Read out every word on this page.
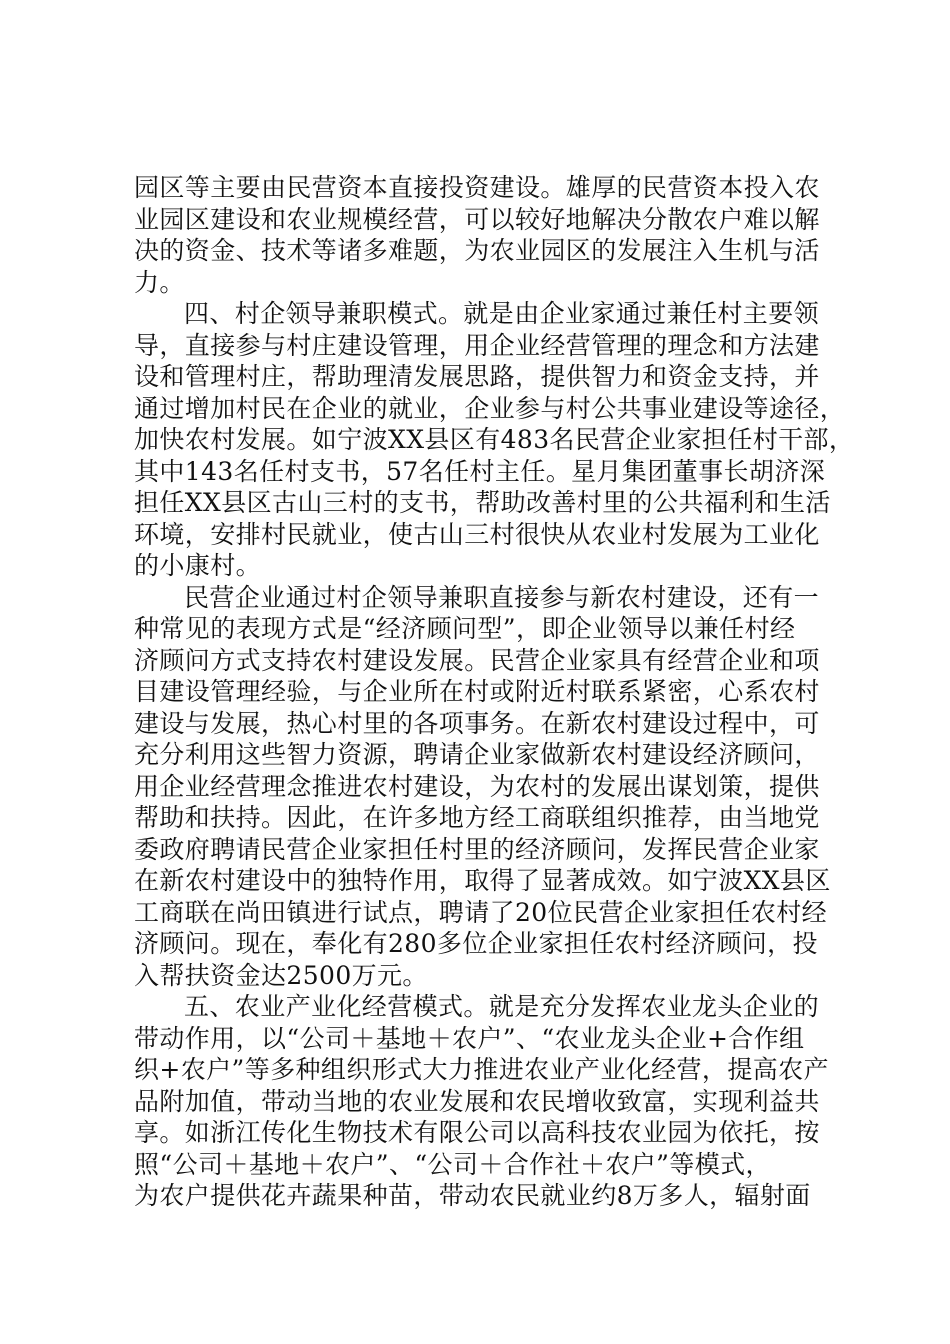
园区等主要由民营资本直接投资建设。雄厚的民营资本投入农
业园区建设和农业规模经营，可以较好地解决分散农户难以解
决的资金、技术等诸多难题，为农业园区的发展注入生机与活
力。
四、村企领导兼职模式。就是由企业家通过兼任村主要领
导，直接参与村庄建设管理，用企业经营管理的理念和方法建
设和管理村庄，帮助理清发展思路，提供智力和资金支持，并
通过增加村民在企业的就业，企业参与村公共事业建设等途径，
加快农村发展。如宁波XX县区有483名民营企业家担任村干部，
其中143名任村支书，57名任村主任。星月集团董事长胡济深
担任XX县区古山三村的支书，帮助改善村里的公共福利和生活
环境，安排村民就业，使古山三村很快从农业村发展为工业化
的小康村。
民营企业通过村企领导兼职直接参与新农村建设，还有一
种常见的表现方式是“经济顾问型”，即企业领导以兼任村经
济顾问方式支持农村建设发展。民营企业家具有经营企业和项
目建设管理经验，与企业所在村或附近村联系紧密，心系农村
建设与发展，热心村里的各项事务。在新农村建设过程中，可
充分利用这些智力资源，聘请企业家做新农村建设经济顾问，
用企业经营理念推进农村建设，为农村的发展出谋划策，提供
帮助和扶持。因此，在许多地方经工商联组织推荐，由当地党
委政府聘请民营企业家担任村里的经济顾问，发挥民营企业家
在新农村建设中的独特作用，取得了显著成效。如宁波XX县区
工商联在尚田镇进行试点，聘请了20位民营企业家担任农村经
济顾问。现在，奉化有280多位企业家担任农村经济顾问，投
入帮扶资金达2500万元。
五、农业产业化经营模式。就是充分发挥农业龙头企业的
带动作用，以“公司＋基地＋农户”、“农业龙头企业+合作组
织+农户”等多种组织形式大力推进农业产业化经营，提高农产
品附加值，带动当地的农业发展和农民增收致富，实现利益共
享。如浙江传化生物技术有限公司以高科技农业园为依托，按
照“公司＋基地＋农户”、“公司＋合作社＋农户”等模式，
为农户提供花卉蔬果种苗，带动农民就业约8万多人，辐射面
